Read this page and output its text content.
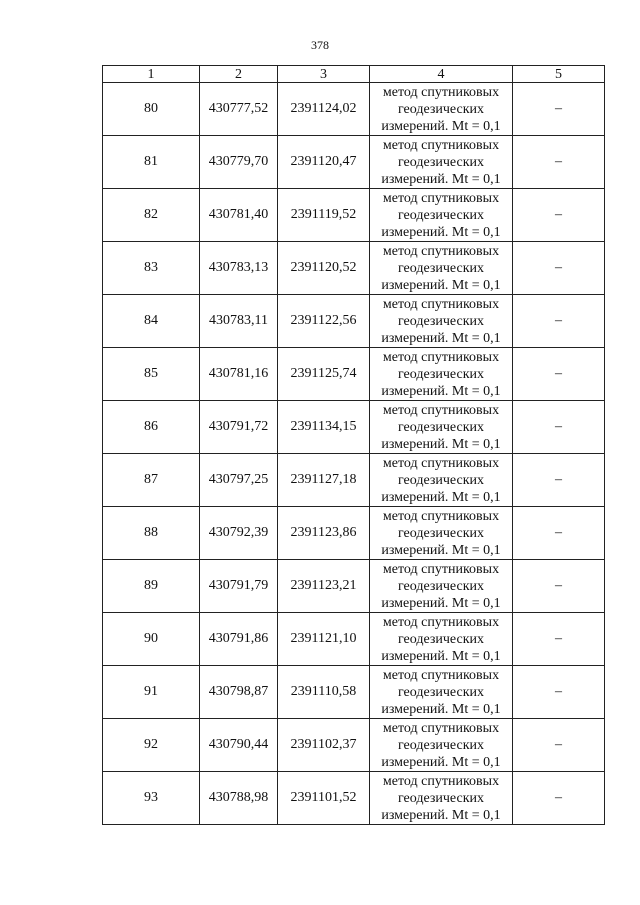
378
1	2	3	4	5
80	430777,52	2391124,02	метод спутниковых
геодезических
измерений. Mt = 0,1	–
81	430779,70	2391120,47	метод спутниковых
геодезических
измерений. Mt = 0,1	–
82	430781,40	2391119,52	метод спутниковых
геодезических
измерений. Mt = 0,1	–
83	430783,13	2391120,52	метод спутниковых
геодезических
измерений. Mt = 0,1	–
84	430783,11	2391122,56	метод спутниковых
геодезических
измерений. Mt = 0,1	–
85	430781,16	2391125,74	метод спутниковых
геодезических
измерений. Mt = 0,1	–
86	430791,72	2391134,15	метод спутниковых
геодезических
измерений. Mt = 0,1	–
87	430797,25	2391127,18	метод спутниковых
геодезических
измерений. Mt = 0,1	–
88	430792,39	2391123,86	метод спутниковых
геодезических
измерений. Mt = 0,1	–
89	430791,79	2391123,21	метод спутниковых
геодезических
измерений. Mt = 0,1	–
90	430791,86	2391121,10	метод спутниковых
геодезических
измерений. Mt = 0,1	–
91	430798,87	2391110,58	метод спутниковых
геодезических
измерений. Mt = 0,1	–
92	430790,44	2391102,37	метод спутниковых
геодезических
измерений. Mt = 0,1	–
93	430788,98	2391101,52	метод спутниковых
геодезических
измерений. Mt = 0,1	–
